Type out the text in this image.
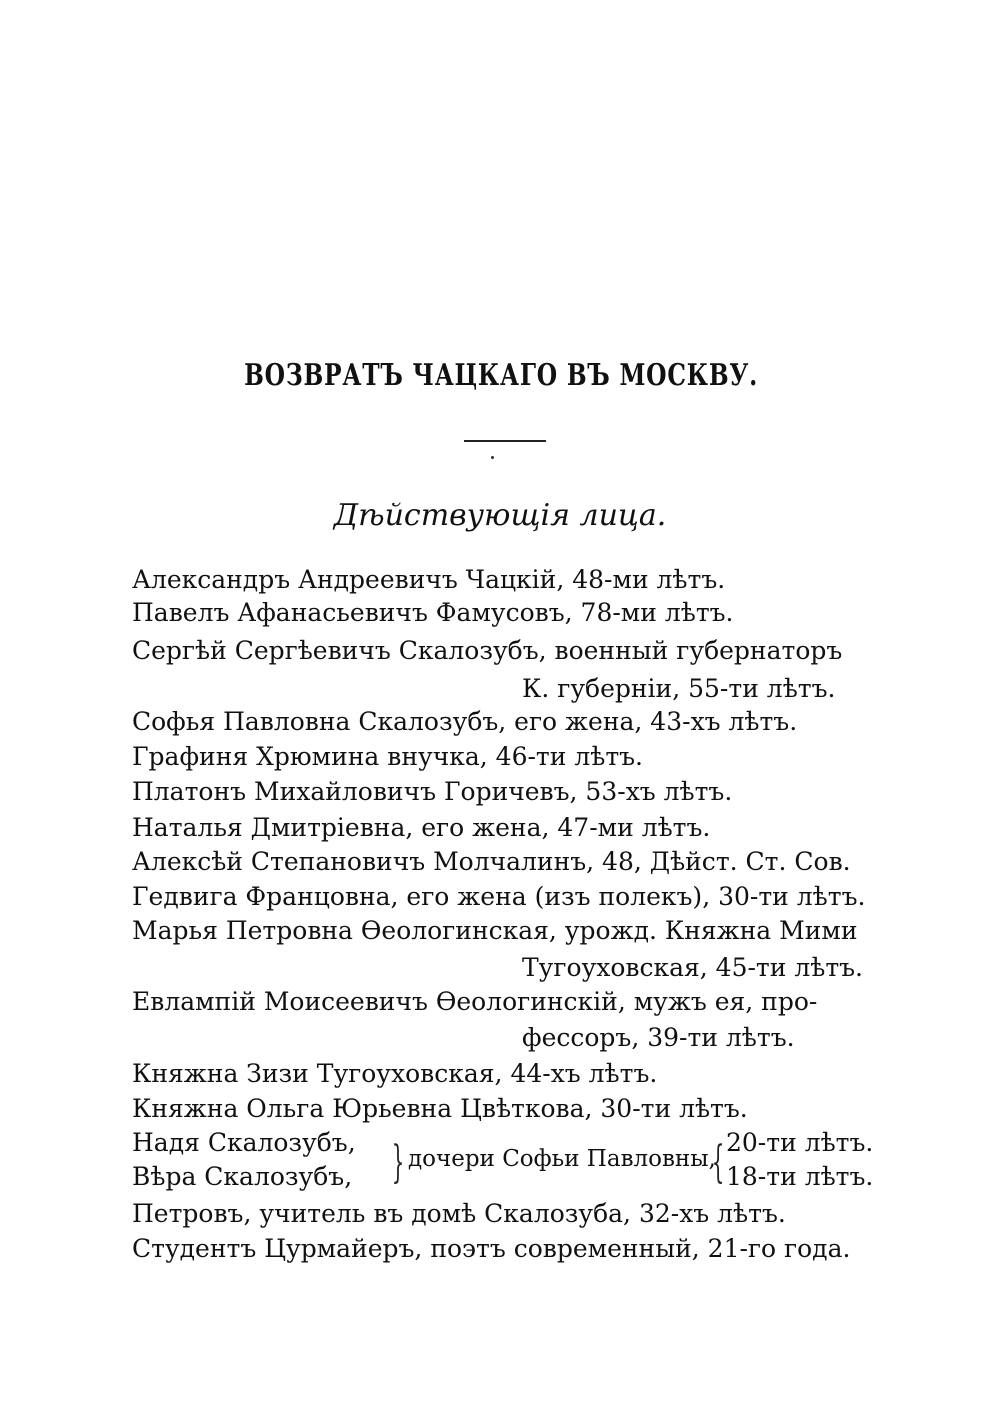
ВОЗВРАТЪ ЧАЦКАГО ВЪ МОСКВУ.
Дѣйствующія лица.
Александръ Андреевичъ Чацкій, 48-ми лѣтъ.
Павелъ Афанасьевичъ Фамусовъ, 78-ми лѣтъ.
Сергѣй Сергѣевичъ Скалозубъ, военный губернаторъ
К. губерніи, 55-ти лѣтъ.
Софья Павловна Скалозубъ, его жена, 43-хъ лѣтъ.
Графиня Хрюмина внучка, 46-ти лѣтъ.
Платонъ Михайловичъ Горичевъ, 53-хъ лѣтъ.
Наталья Дмитріевна, его жена, 47-ми лѣтъ.
Алексѣй Степановичъ Молчалинъ, 48, Дѣйст. Ст. Сов.
Гедвига Францовна, его жена (изъ полекъ), 30-ти лѣтъ.
Марья Петровна Ѳеологинская, урожд. Княжна Мими
Тугоуховская, 45-ти лѣтъ.
Евлампій Моисеевичъ Ѳеологинскій, мужъ ея, про-
фессоръ, 39-ти лѣтъ.
Княжна Зизи Тугоуховская, 44-хъ лѣтъ.
Княжна Ольга Юрьевна Цвѣткова, 30-ти лѣтъ.
Надя Скалозубъ,
Вѣра Скалозубъ, } дочери Софьи Павловны,
{ 20-ти лѣтъ.
18-ти лѣтъ.
Петровъ, учитель въ домѣ Скалозуба, 32-хъ лѣтъ.
Студентъ Цурмайеръ, поэтъ современный, 21-го года.
